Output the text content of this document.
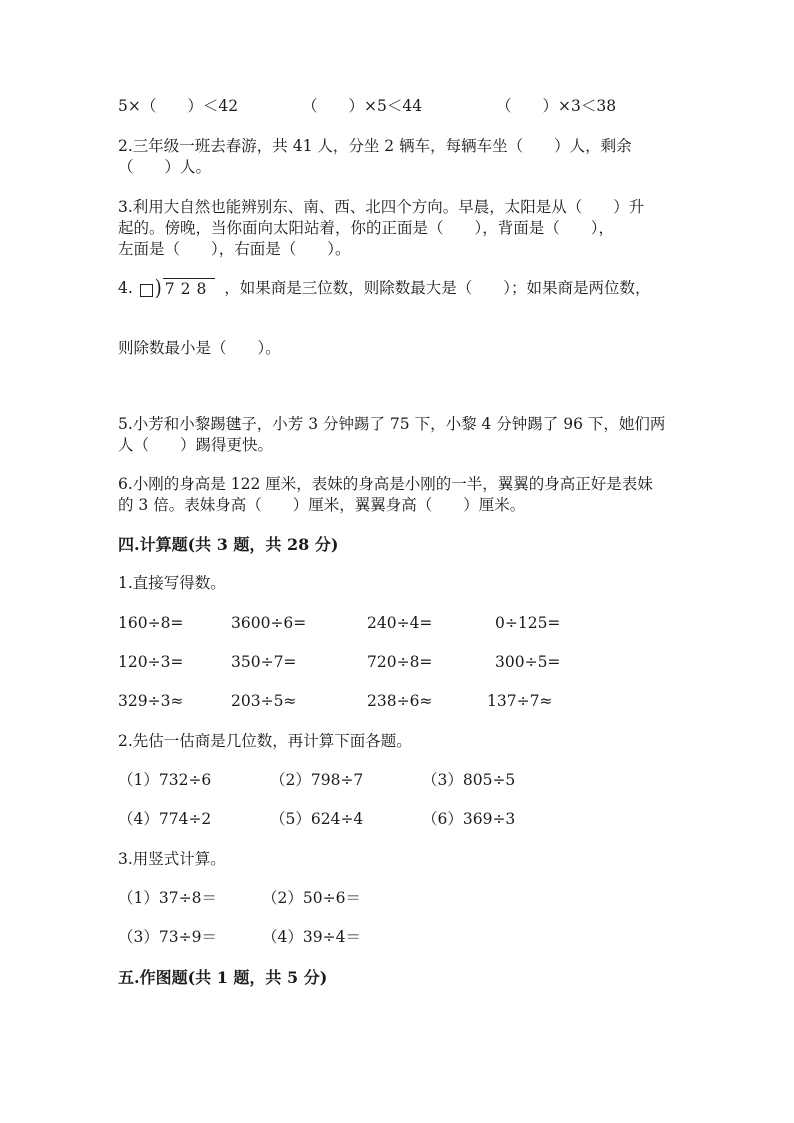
5×（　　）＜42	（　　）×5＜44	（　　）×3＜38
2.三年级一班去春游，共 41 人，分坐 2 辆车，每辆车坐（　　）人，剩余
（　　）人。
3.利用大自然也能辨别东、南、西、北四个方向。早晨，太阳是从（　　）升
起的。傍晚，当你面向太阳站着，你的正面是（　　），背面是（　　），
左面是（　　），右面是（　　）。
4. ) 728 ，如果商是三位数，则除数最大是（　　）；如果商是两位数，
则除数最小是（　　）。
5.小芳和小黎踢毽子，小芳 3 分钟踢了 75 下，小黎 4 分钟踢了 96 下，她们两
人（　　）踢得更快。
6.小刚的身高是 122 厘米，表妹的身高是小刚的一半，翼翼的身高正好是表妹
的 3 倍。表妹身高（　　）厘米，翼翼身高（　　）厘米。
四.计算题(共 3 题，共 28 分)
1.直接写得数。
160÷8=	3600÷6=	240÷4=	0÷125=
120÷3=	350÷7=	720÷8=	300÷5=
329÷3≈	203÷5≈	238÷6≈	137÷7≈
2.先估一估商是几位数，再计算下面各题。
（1）732÷6	（2）798÷7	（3）805÷5
（4）774÷2	（5）624÷4	（6）369÷3
3.用竖式计算。
（1）37÷8＝	（2）50÷6＝
（3）73÷9＝	（4）39÷4＝
五.作图题(共 1 题，共 5 分)
